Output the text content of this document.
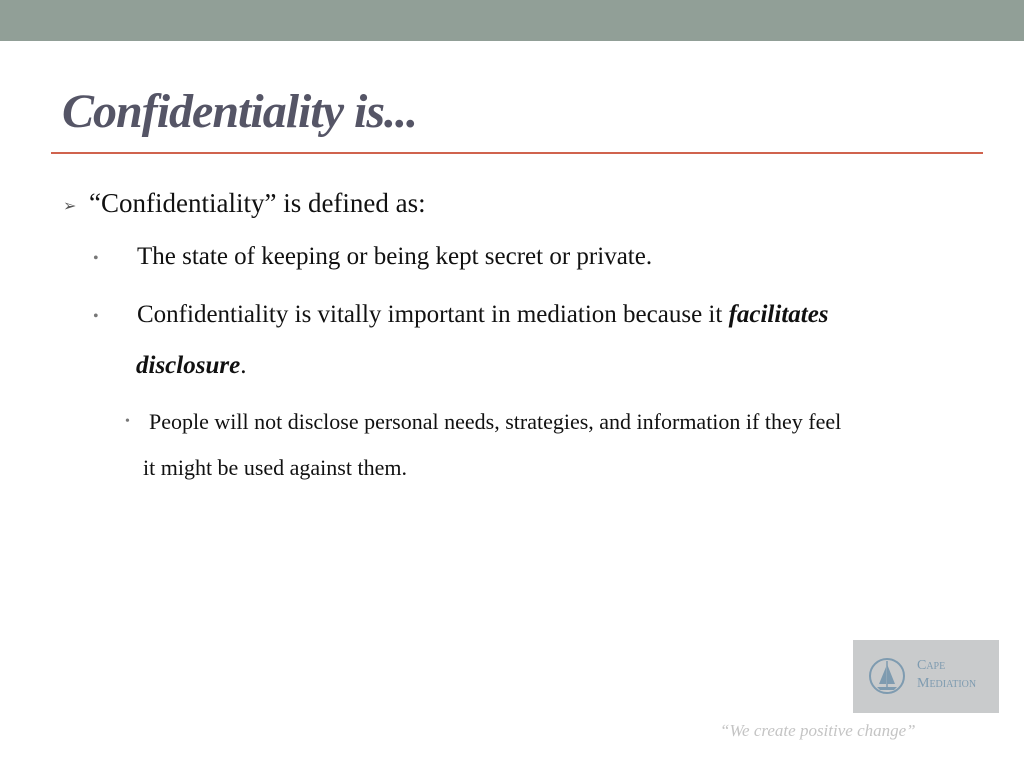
Confidentiality is...
➢ “Confidentiality” is defined as:
• The state of keeping or being kept secret or private.
• Confidentiality is vitally important in mediation because it facilitates
disclosure.
• People will not disclose personal needs, strategies, and information if they feel
it might be used against them.
Cape
Mediation
“We create positive change”
